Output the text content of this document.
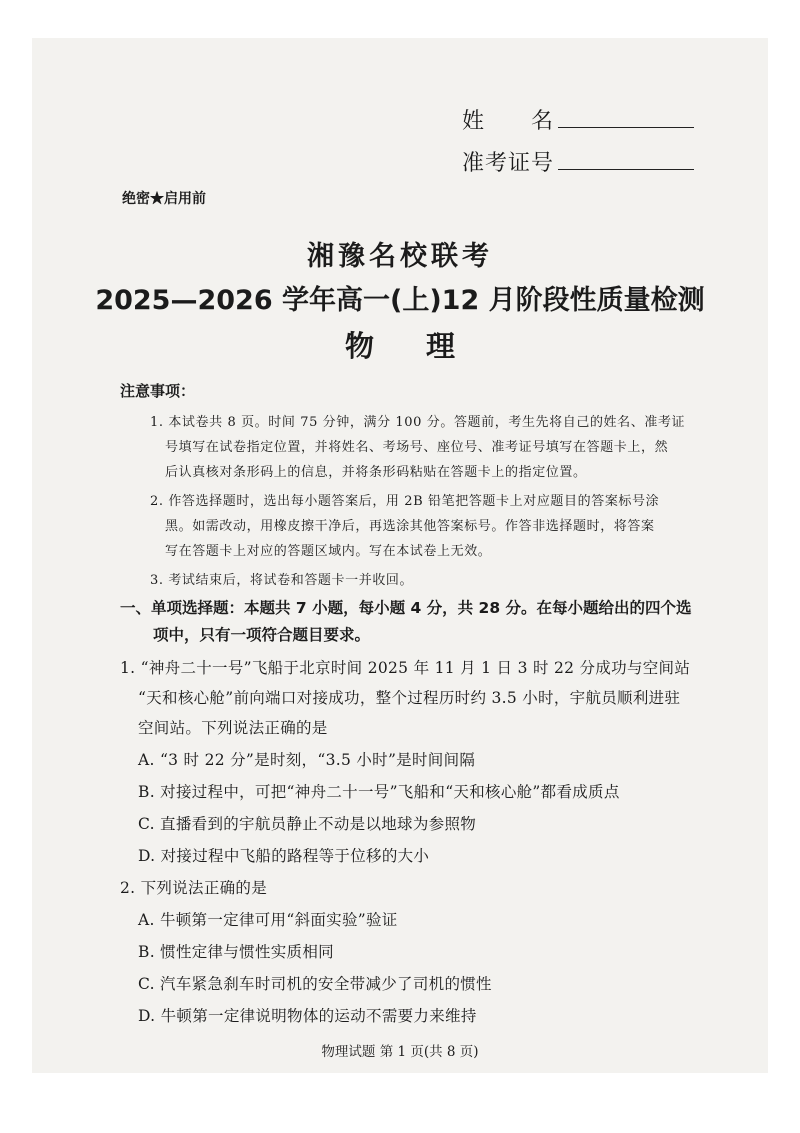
姓　　名
准考证号
绝密★启用前
湘豫名校联考
2025—2026 学年高一(上)12 月阶段性质量检测
物理
注意事项：
1. 本试卷共 8 页。时间 75 分钟，满分 100 分。答题前，考生先将自己的姓名、准考证
号填写在试卷指定位置，并将姓名、考场号、座位号、准考证号填写在答题卡上，然
后认真核对条形码上的信息，并将条形码粘贴在答题卡上的指定位置。
2. 作答选择题时，选出每小题答案后，用 2B 铅笔把答题卡上对应题目的答案标号涂
黑。如需改动，用橡皮擦干净后，再选涂其他答案标号。作答非选择题时，将答案
写在答题卡上对应的答题区域内。写在本试卷上无效。
3. 考试结束后，将试卷和答题卡一并收回。
一、单项选择题：本题共 7 小题，每小题 4 分，共 28 分。在每小题给出的四个选
项中，只有一项符合题目要求。
1. “神舟二十一号”飞船于北京时间 2025 年 11 月 1 日 3 时 22 分成功与空间站
“天和核心舱”前向端口对接成功，整个过程历时约 3.5 小时，宇航员顺利进驻
空间站。下列说法正确的是
A. “3 时 22 分”是时刻，“3.5 小时”是时间间隔
B. 对接过程中，可把“神舟二十一号”飞船和“天和核心舱”都看成质点
C. 直播看到的宇航员静止不动是以地球为参照物
D. 对接过程中飞船的路程等于位移的大小
2. 下列说法正确的是
A. 牛顿第一定律可用“斜面实验”验证
B. 惯性定律与惯性实质相同
C. 汽车紧急刹车时司机的安全带减少了司机的惯性
D. 牛顿第一定律说明物体的运动不需要力来维持
物理试题 第 1 页(共 8 页)
